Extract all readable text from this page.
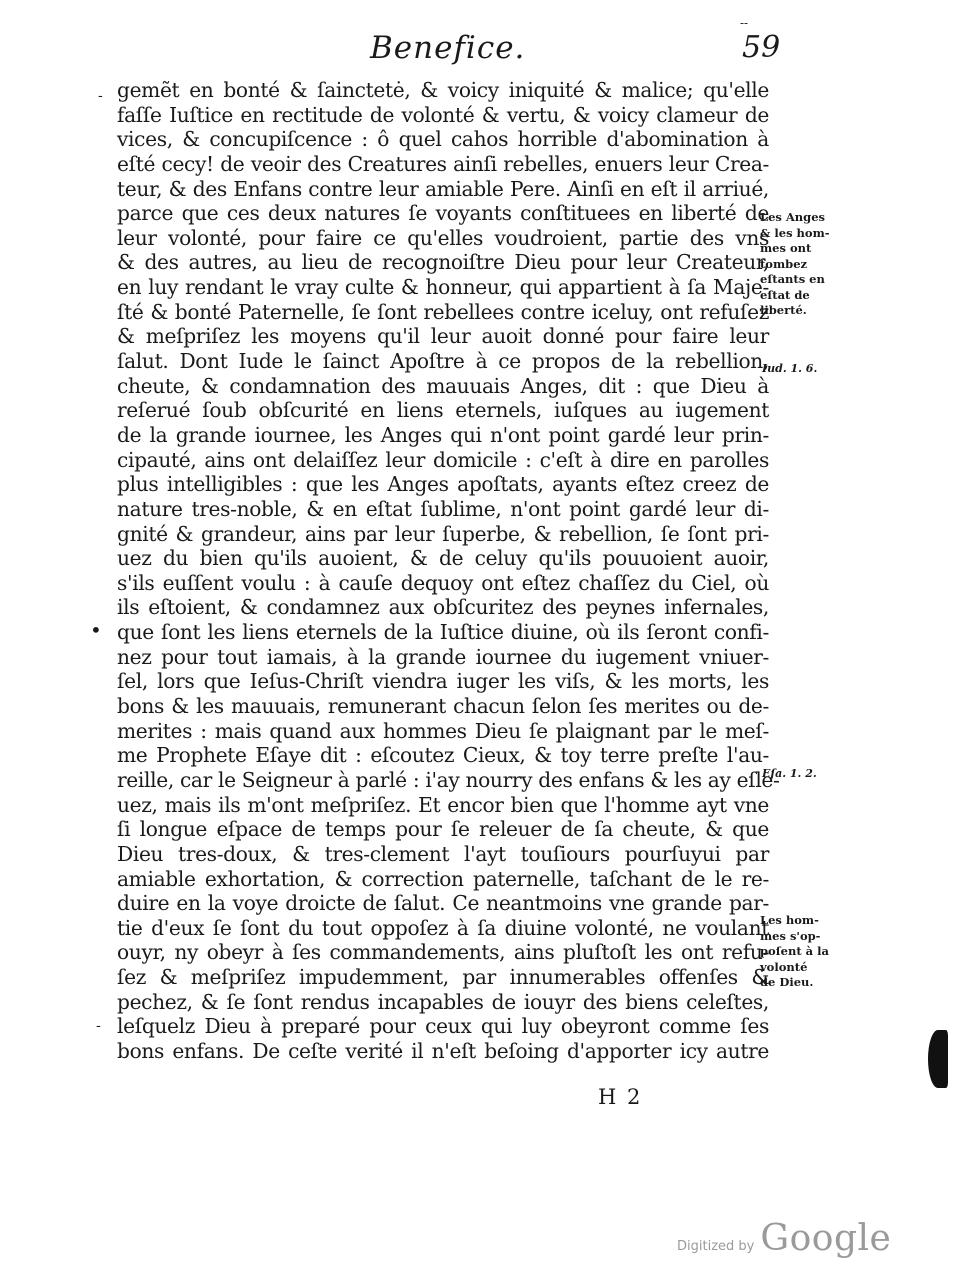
--
Benefice.	59
-
•
-
gemẽt en bonté & ſainctetė, & voicy iniquité & malice; qu'elle
faſſe Iuſtice en rectitude de volonté & vertu, & voicy clameur de
vices, & concupiſcence : ô quel cahos horrible d'abomination à
eſté cecy! de veoir des Creatures ainſi rebelles, enuers leur Crea-
teur, & des Enfans contre leur amiable Pere. Ainſi en eſt il arriué,
parce que ces deux natures ſe voyants conſtituees en liberté de
leur volonté, pour faire ce qu'elles voudroient, partie des vns
& des autres, au lieu de recognoiſtre Dieu pour leur Createur,
en luy rendant le vray culte & honneur, qui appartient à ſa Maje-
ſté & bonté Paternelle, ſe ſont rebellees contre iceluy, ont refuſez
& meſpriſez les moyens qu'il leur auoit donné pour faire leur
ſalut. Dont Iude le ſainct Apoſtre à ce propos de la rebellion,
cheute, & condamnation des mauuais Anges, dit : que Dieu à
reſerué ſoub obſcurité en liens eternels, iuſques au iugement
de la grande iournee, les Anges qui n'ont point gardé leur prin-
cipauté, ains ont delaiſſez leur domicile : c'eſt à dire en parolles
plus intelligibles : que les Anges apoſtats, ayants eſtez creez de
nature tres-noble, & en eſtat ſublime, n'ont point gardé leur di-
gnité & grandeur, ains par leur ſuperbe, & rebellion, ſe ſont pri-
uez du bien qu'ils auoient, & de celuy qu'ils pouuoient auoir,
s'ils euſſent voulu : à cauſe dequoy ont eſtez chaſſez du Ciel, où
ils eſtoient, & condamnez aux obſcuritez des peynes infernales,
que ſont les liens eternels de la Iuſtice diuine, où ils ſeront confi-
nez pour tout iamais, à la grande iournee du iugement vniuer-
ſel, lors que Ieſus-Chriſt viendra iuger les viſs, & les morts, les
bons & les mauuais, remunerant chacun ſelon ſes merites ou de-
merites : mais quand aux hommes Dieu ſe plaignant par le meſ-
me Prophete Eſaye dit : eſcoutez Cieux, & toy terre preſte l'au-
reille, car le Seigneur à parlé : i'ay nourry des enfans & les ay eſle-
uez, mais ils m'ont meſpriſez. Et encor bien que l'homme ayt vne
ſi longue eſpace de temps pour ſe releuer de ſa cheute, & que
Dieu tres-doux, & tres-clement l'ayt touſiours pourſuyui par
amiable exhortation, & correction paternelle, taſchant de le re-
duire en la voye droicte de ſalut. Ce neantmoins vne grande par-
tie d'eux ſe ſont du tout oppoſez à ſa diuine volonté, ne voulant
ouyr, ny obeyr à ſes commandements, ains pluſtoſt les ont refu-
ſez & meſpriſez impudemment, par innumerables offenſes &
pechez, & ſe ſont rendus incapables de iouyr des biens celeſtes,
leſquelz Dieu à preparé pour ceux qui luy obeyront comme ſes
bons enfans. De ceſte verité il n'eſt beſoing d'apporter icy autre
Les Anges
& les hom-
mes ont
tombez
eſtants en
eſtat de
liberté.
Iud. 1. 6.
Eſa. 1. 2.
Les hom-
mes s'op-
poſent à la
volonté
de Dieu.
H 2
Digitized by Google
